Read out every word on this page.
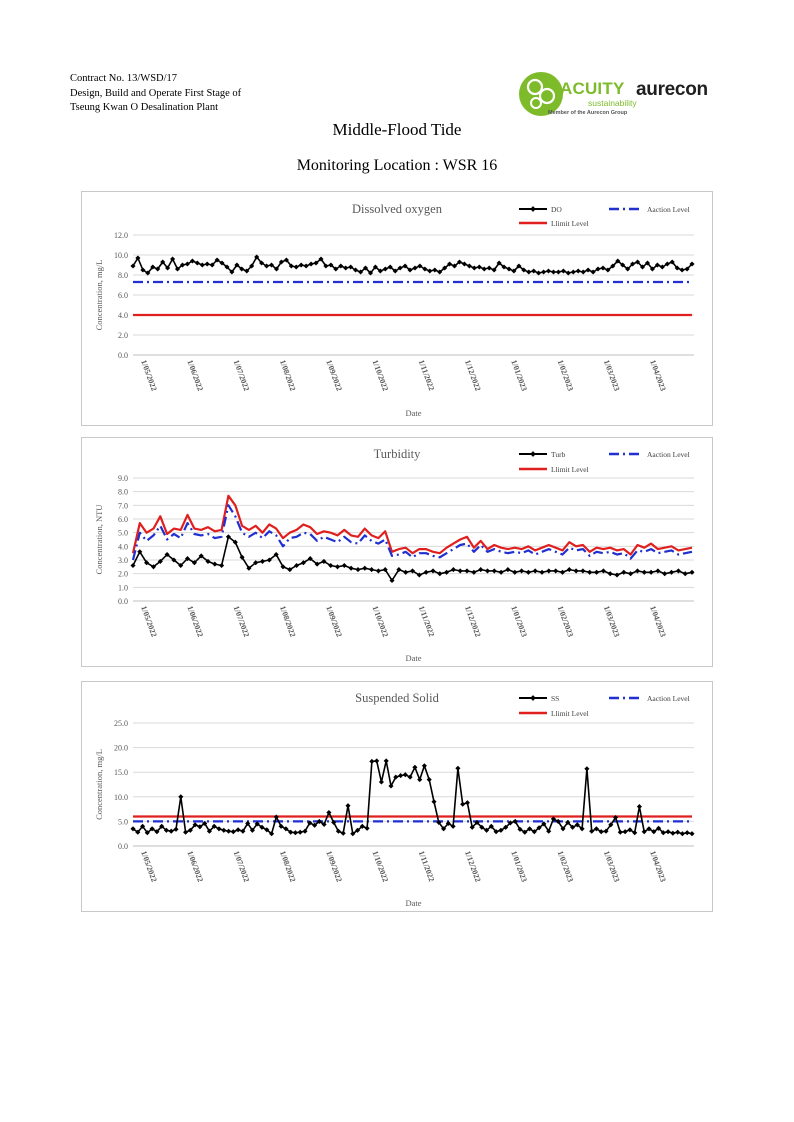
Contract No. 13/WSD/17
Design, Build and Operate First Stage of
Tseung Kwan O Desalination Plant
ACUITY
sustainability
Member of the Aurecon Group
aurecon
Middle-Flood Tide
Monitoring Location : WSR 16
Dissolved oxygen
0.0
2.0
4.0
6.0
8.0
10.0
12.0
Concentration, mg/L
1/05/2022	1/06/2022	1/07/2022	1/08/2022	1/09/2022	1/10/2022	1/11/2022	1/12/2022	1/01/2023	1/02/2023	1/03/2023	1/04/2023
Date
DO	Aaction Level
Llimit Level
Turbidity
0.0
1.0
2.0
3.0
4.0
5.0
6.0
7.0
8.0
9.0
Concentration, NTU
1/05/2022	1/06/2022	1/07/2022	1/08/2022	1/09/2022	1/10/2022	1/11/2022	1/12/2022	1/01/2023	1/02/2023	1/03/2023	1/04/2023
Date
Turb	Aaction Level
Llimit Level
Suspended Solid
0.0
5.0
10.0
15.0
20.0
25.0
Concentration, mg/L
1/05/2022	1/06/2022	1/07/2022	1/08/2022	1/09/2022	1/10/2022	1/11/2022	1/12/2022	1/01/2023	1/02/2023	1/03/2023	1/04/2023
Date
SS	Aaction Level
Llimit Level
